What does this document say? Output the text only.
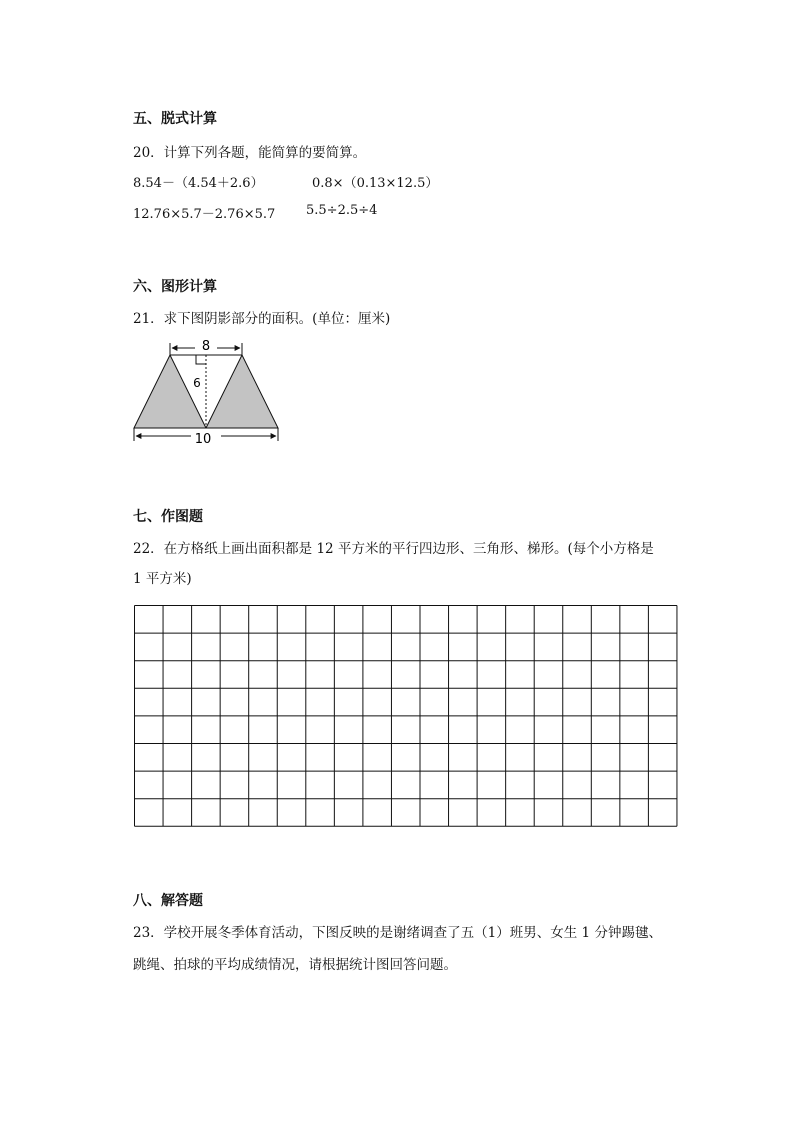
五、脱式计算
20．计算下列各题，能简算的要简算。
8.54－（4.54＋2.6）	0.8×（0.13×12.5）
12.76×5.7－2.76×5.7 5.5÷2.5÷4
六、图形计算
21．求下图阴影部分的面积。(单位：厘米)
8
6
10
七、作图题
22．在方格纸上画出面积都是 12 平方米的平行四边形、三角形、梯形。(每个小方格是
1 平方米)
八、解答题
23．学校开展冬季体育活动，下图反映的是谢绪调查了五（1）班男、女生 1 分钟踢毽、
跳绳、拍球的平均成绩情况，请根据统计图回答问题。
